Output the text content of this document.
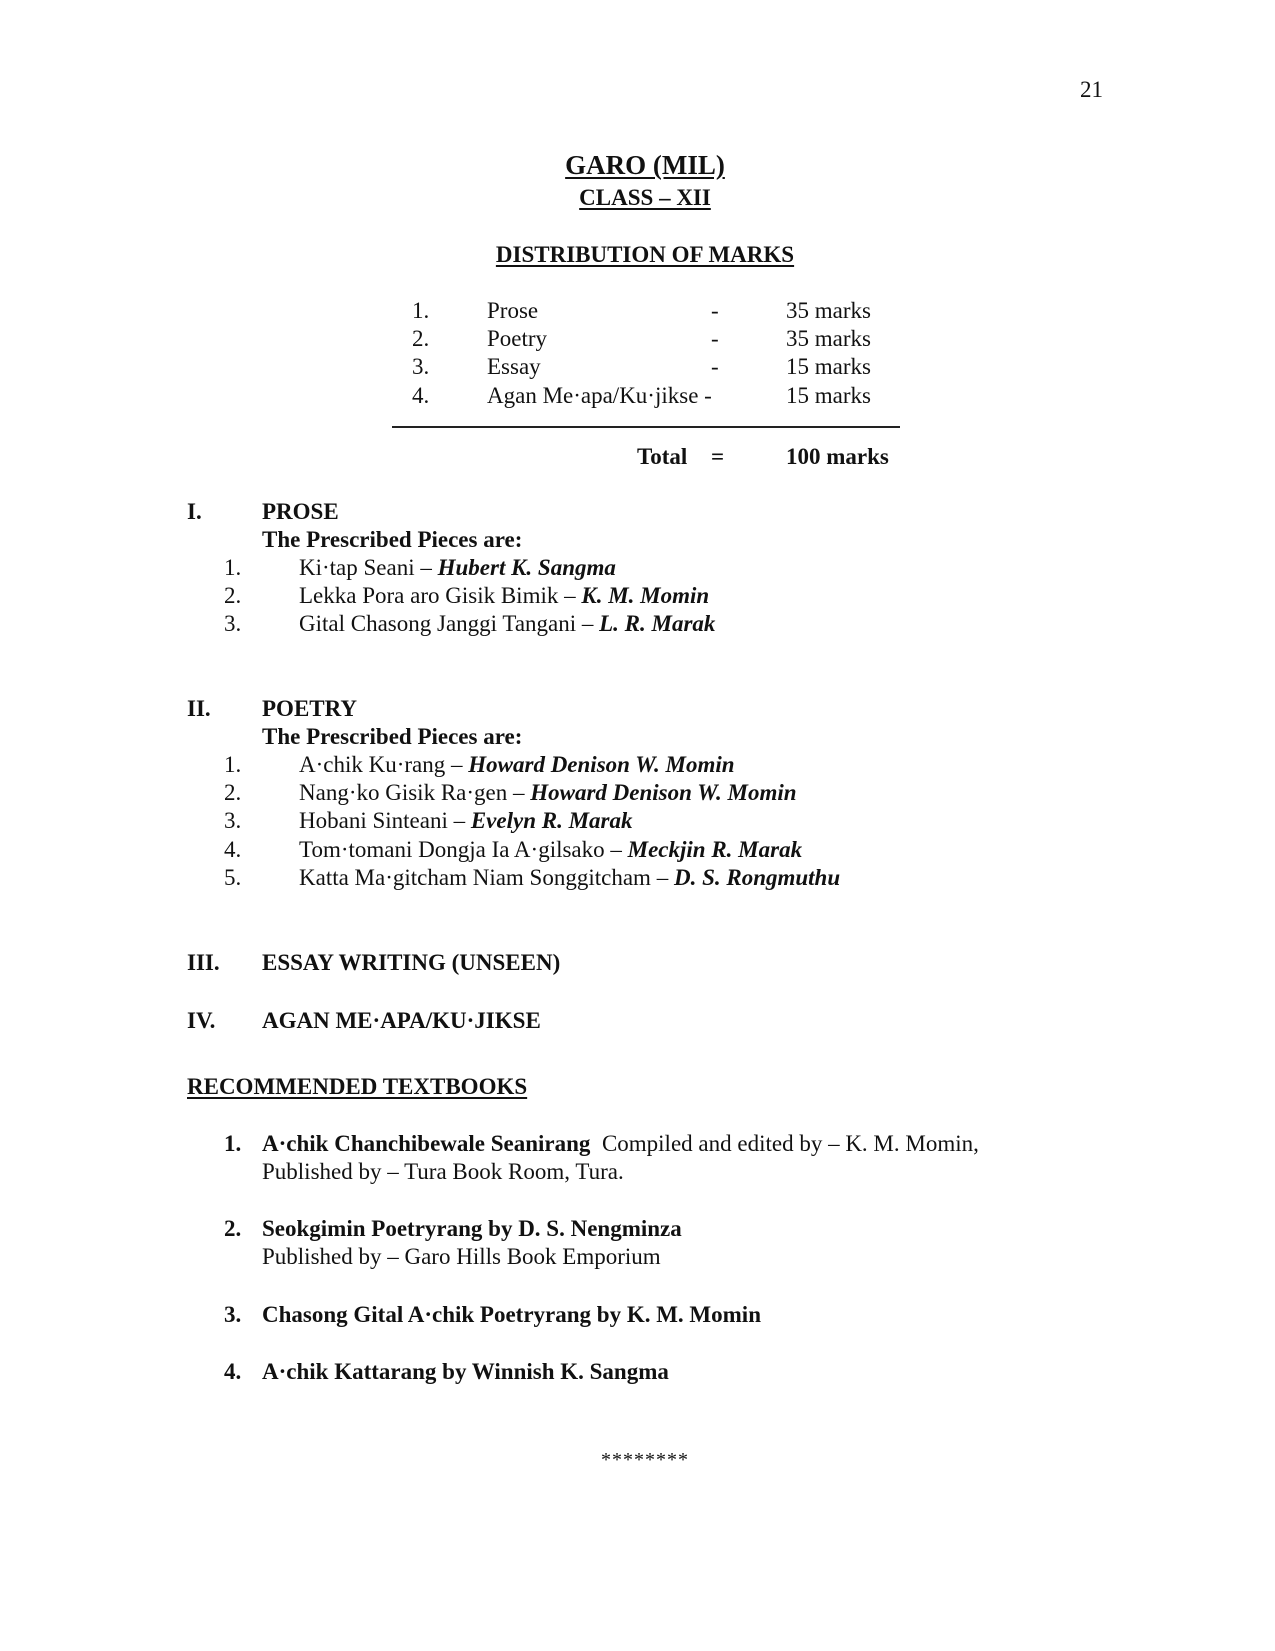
21
GARO (MIL)
CLASS – XII
DISTRIBUTION OF MARKS
1.	Prose	-	35 marks
2.	Poetry	-	35 marks
3.	Essay	-	15 marks
4.	Agan Me·apa/Ku·jikse -	15 marks
Total =	100 marks
I.	PROSE
The Prescribed Pieces are:
1.	Ki·tap Seani – Hubert K. Sangma
2.	Lekka Pora aro Gisik Bimik – K. M. Momin
3.	Gital Chasong Janggi Tangani – L. R. Marak
II. POETRY
The Prescribed Pieces are:
1.	A·chik Ku·rang – Howard Denison W. Momin
2.	Nang·ko Gisik Ra·gen – Howard Denison W. Momin
3.	Hobani Sinteani – Evelyn R. Marak
4.	Tom·tomani Dongja Ia A·gilsako – Meckjin R. Marak
5.	Katta Ma·gitcham Niam Songgitcham – D. S. Rongmuthu
III. ESSAY WRITING (UNSEEN)
IV. AGAN ME·APA/KU·JIKSE
RECOMMENDED TEXTBOOKS
1. A·chik Chanchibewale Seanirang Compiled and edited by – K. M. Momin,
Published by – Tura Book Room, Tura.
2. Seokgimin Poetryrang by D. S. Nengminza
Published by – Garo Hills Book Emporium
3. Chasong Gital A·chik Poetryrang by K. M. Momin
4. A·chik Kattarang by Winnish K. Sangma
********
